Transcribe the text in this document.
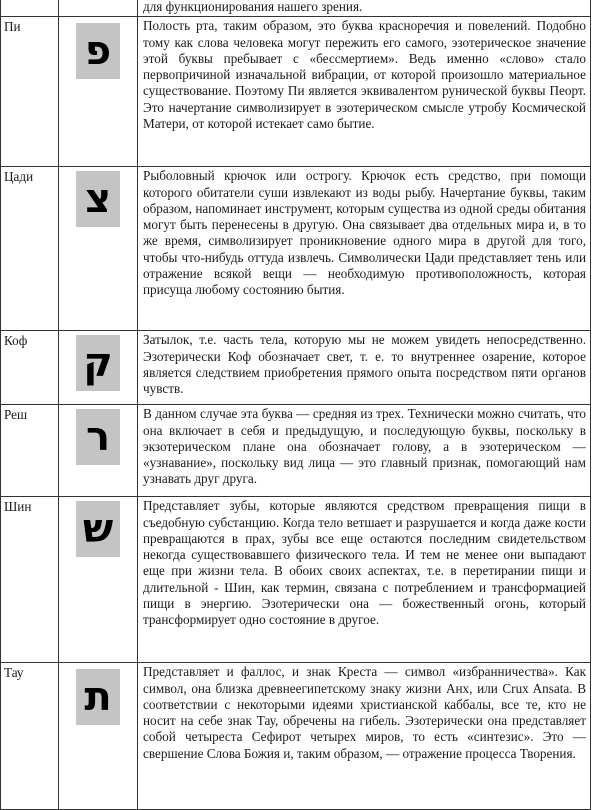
		для функционирования нашего зрения.
Пи	פ	Полость рта, таким образом, это буква красноречия и повелений. Подобно тому как слова человека могут пережить его самого, эзотерическое значение этой буквы пребывает с «бессмертием». Ведь именно «слово» стало первопричиной изначальной вибрации, от которой произошло материальное существование. Поэтому Пи является эквивалентом рунической буквы Пеорт. Это начертание символизирует в эзотерическом смысле утробу Космической Матери, от которой истекает само бытие.
Цади	צ	Рыболовный крючок или острогу. Крючок есть средство, при помощи которого обитатели суши извлекают из воды рыбу. Начертание буквы, таким образом, напоминает инструмент, которым существа из одной среды обитания могут быть перенесены в другую. Она связывает два отдельных мира и, в то же время, символизирует проникновение одного мира в другой для того, чтобы что-нибудь оттуда извлечь. Символически Цади представляет тень или отражение всякой вещи — необходимую противоположность, которая присуща любому состоянию бытия.
Коф	ק	Затылок, т.е. часть тела, которую мы не можем увидеть непосредственно. Эзотерически Коф обозначает свет, т. е. то внутреннее озарение, которое является следствием приобретения прямого опыта посредством пяти органов чувств.
Реш	ר	В данном случае эта буква — средняя из трех. Технически можно считать, что она включает в себя и предыдущую, и последующую буквы, поскольку в экзотерическом плане она обозначает голову, а в эзотерическом — «узнавание», поскольку вид лица — это главный признак, помогающий нам узнавать друг друга.
Шин	ש	Представляет зубы, которые являются средством превращения пищи в съедобную субстанцию. Когда тело ветшает и разрушается и когда даже кости превращаются в прах, зубы все еще остаются последним свидетельством некогда существовавшего физического тела. И тем не менее они выпадают еще при жизни тела. В обоих своих аспектах, т.е. в перетирании пищи и длительной - Шин, как термин, связана с потреблением и трансформацией пищи в энергию. Эзотерически она — божественный огонь, который трансформирует одно состояние в другое.
Тау	ת	Представляет и фаллос, и знак Креста — символ «избранничества». Как символ, она близка древнеегипетскому знаку жизни Анх, или Crux Ansata. В соответствии с некоторыми идеями христианской каббалы, все те, кто не носит на себе знак Тау, обречены на гибель. Эзотерически она представляет собой четыреста Сефирот четырех миров, то есть «синтезис». Это — свершение Слова Божия и, таким образом, — отражение процесса Творения.
